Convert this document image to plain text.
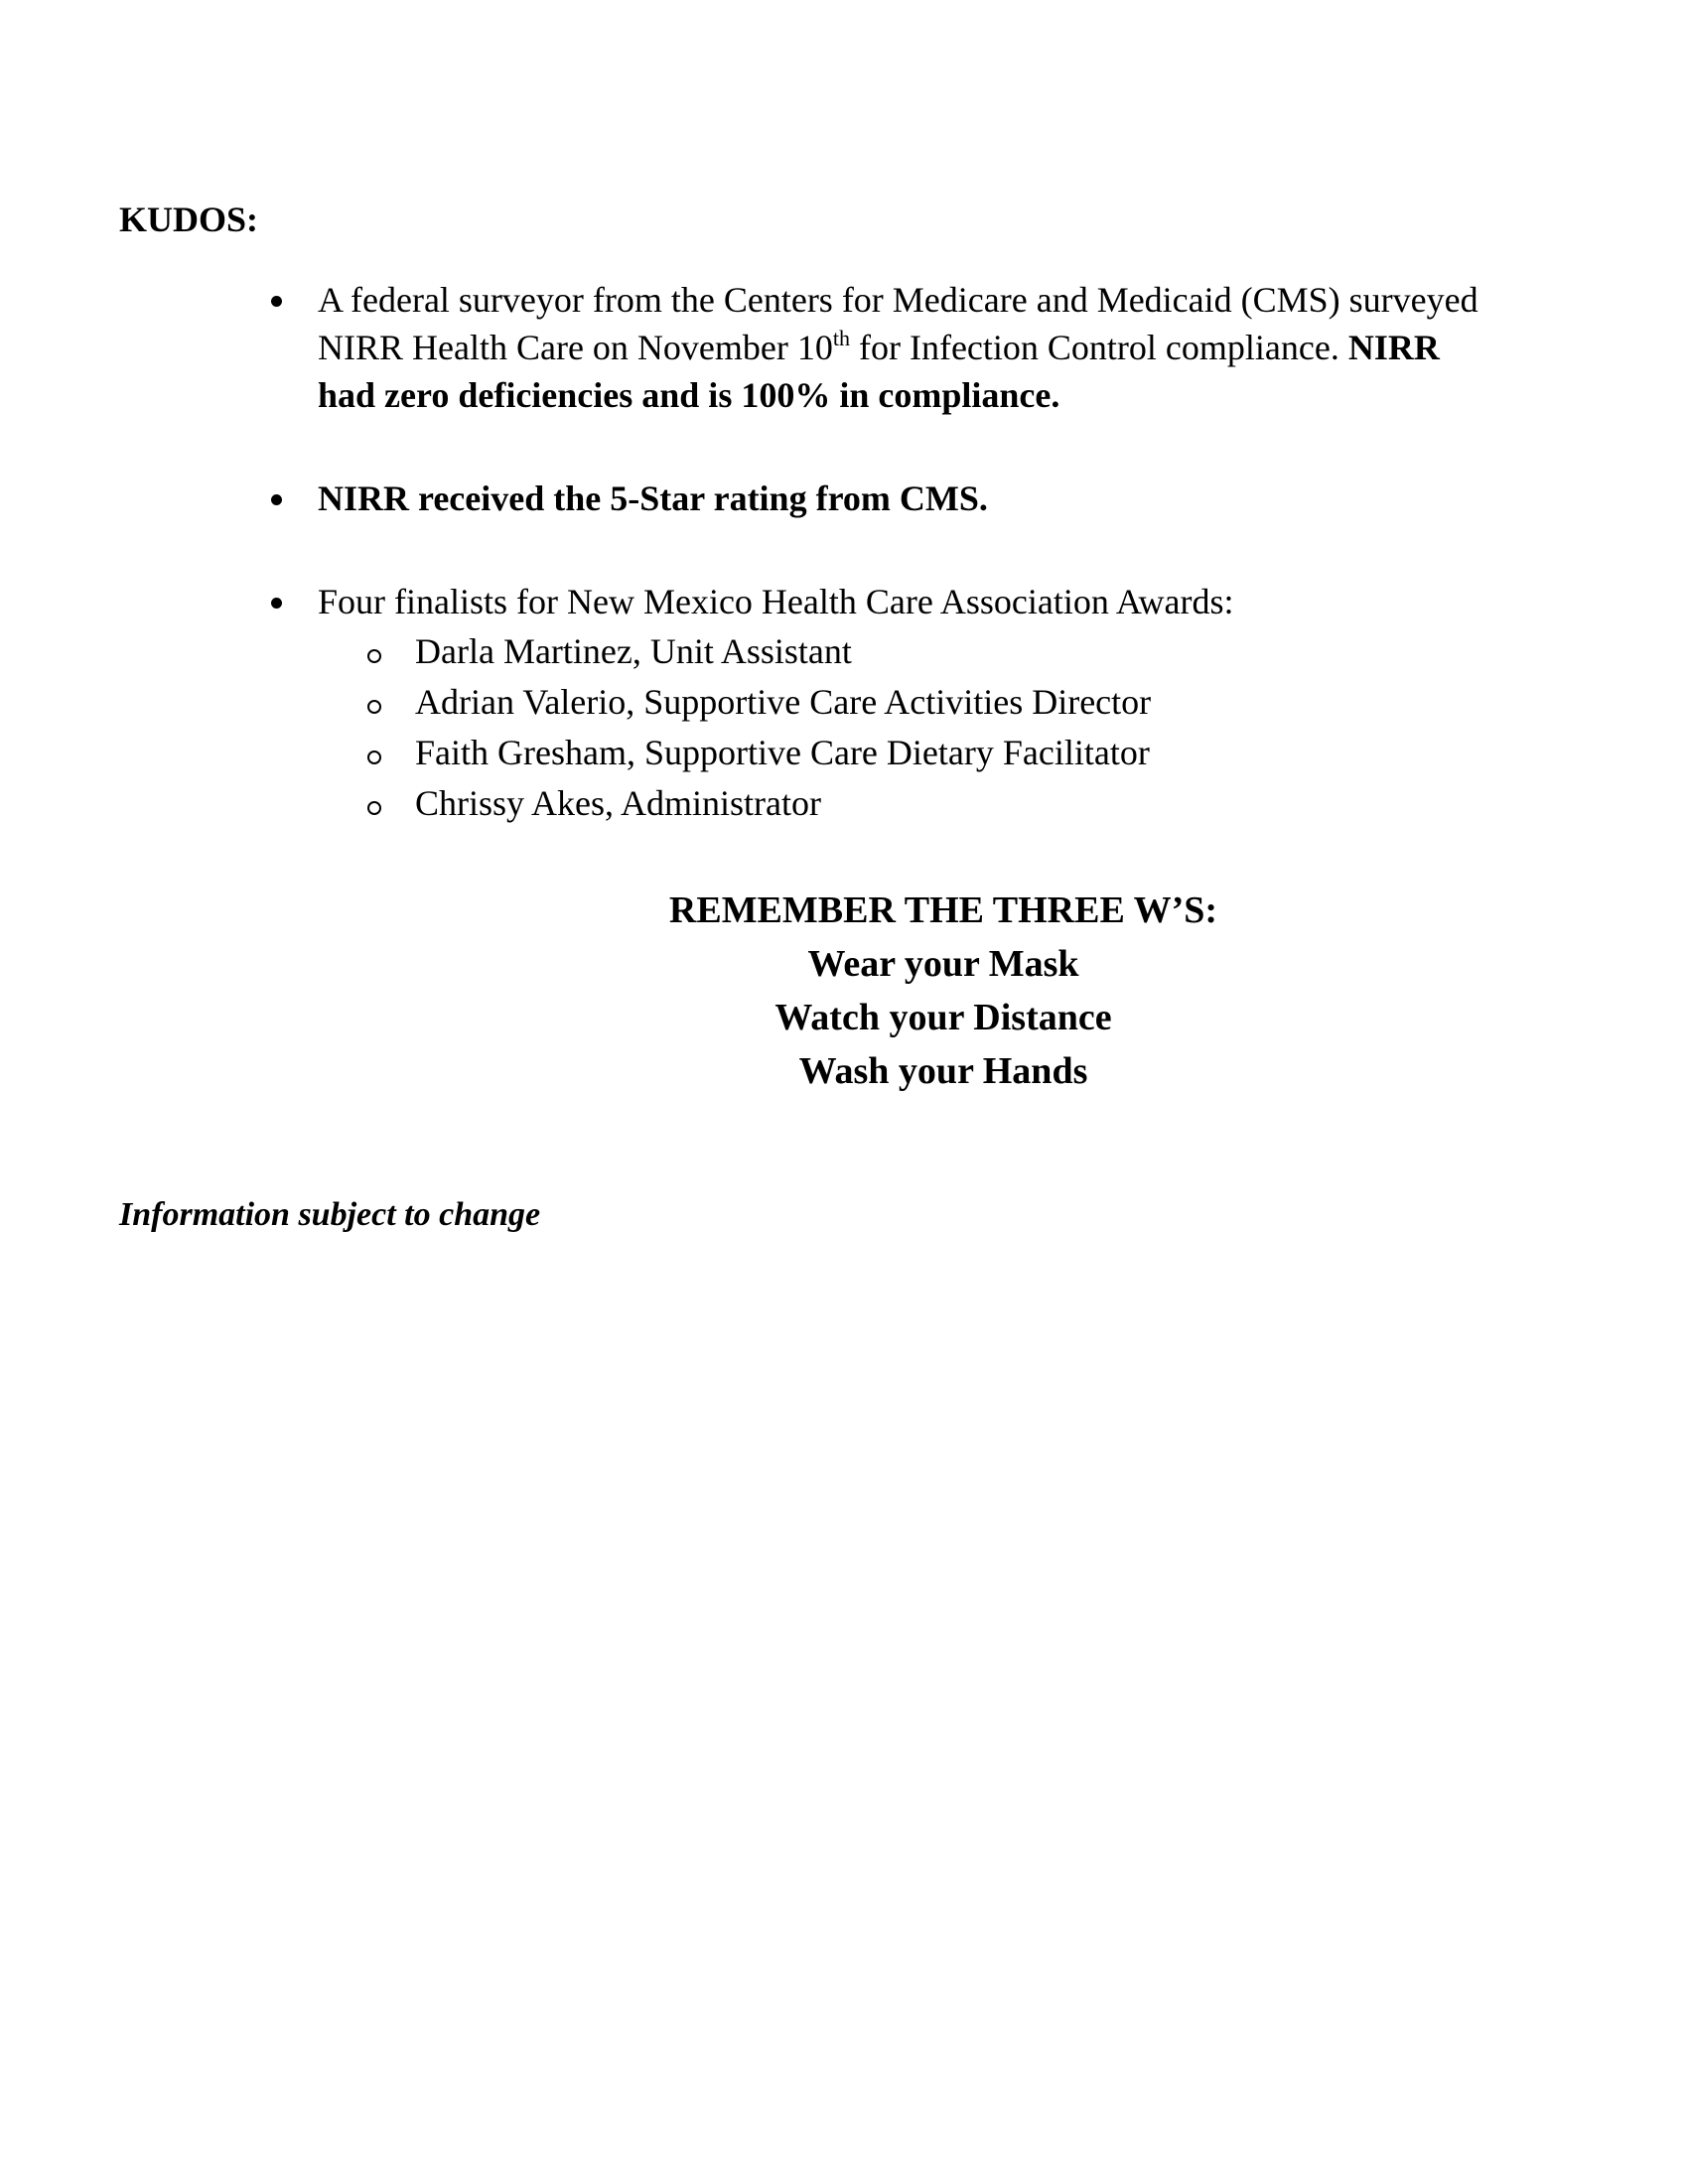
KUDOS:
A federal surveyor from the Centers for Medicare and Medicaid (CMS) surveyed NIRR Health Care on November 10th for Infection Control compliance. NIRR had zero deficiencies and is 100% in compliance.
NIRR received the 5-Star rating from CMS.
Four finalists for New Mexico Health Care Association Awards:
Darla Martinez, Unit Assistant
Adrian Valerio, Supportive Care Activities Director
Faith Gresham, Supportive Care Dietary Facilitator
Chrissy Akes, Administrator
REMEMBER THE THREE W’S:
Wear your Mask
Watch your Distance
Wash your Hands
Information subject to change
